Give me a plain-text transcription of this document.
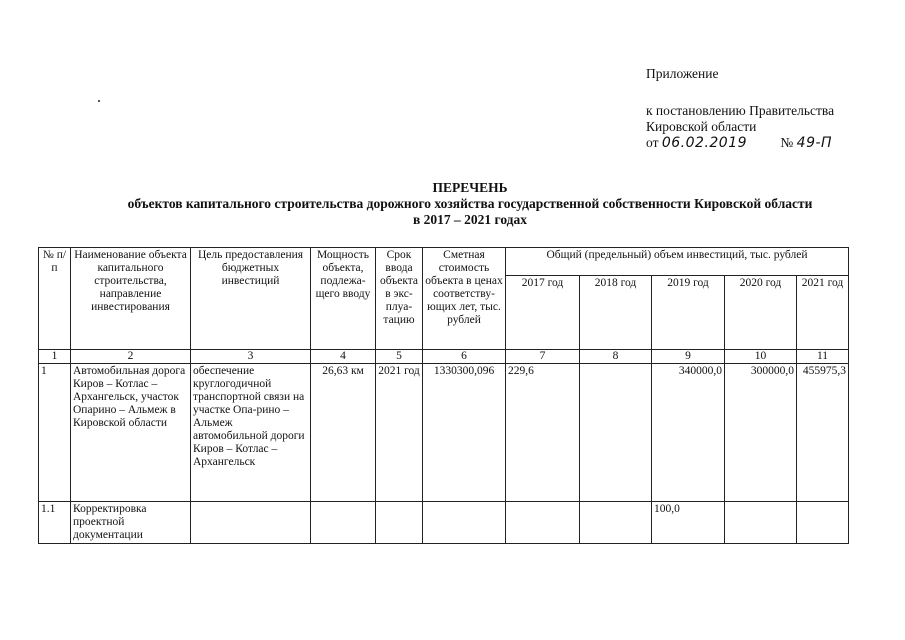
Приложение
к постановлению Правительства
Кировской области
от 06.02.2019 № 49-П
ПЕРЕЧЕНЬ
объектов капитального строительства дорожного хозяйства государственной собственности Кировской области
в 2017 – 2021 годах
№ п/п	Наименование объекта капитального строительства, направление инвестирования	Цель предоставления бюджетных инвестиций	Мощность объекта, подлежа-щего вводу	Срок ввода объекта в экс-плуа-тацию	Сметная стоимость объекта в ценах соответству-ющих лет, тыс. рублей	Общий (предельный) объем инвестиций, тыс. рублей				
						2017 год	2018 год	2019 год	2020 год	2021 год
1	2	3	4	5	6	7	8	9	10	11
1	Автомобильная дорога Киров – Котлас – Архангельск, участок Опарино – Альмеж в Кировской области	обеспечение круглогодичной транспортной связи на участке Опа-рино – Альмеж автомобильной дороги Киров – Котлас – Архангельск	26,63 км	2021 год	1330300,096	229,6		340000,0	300000,0	455975,3
1.1	Корректировка проектной документации							100,0		
